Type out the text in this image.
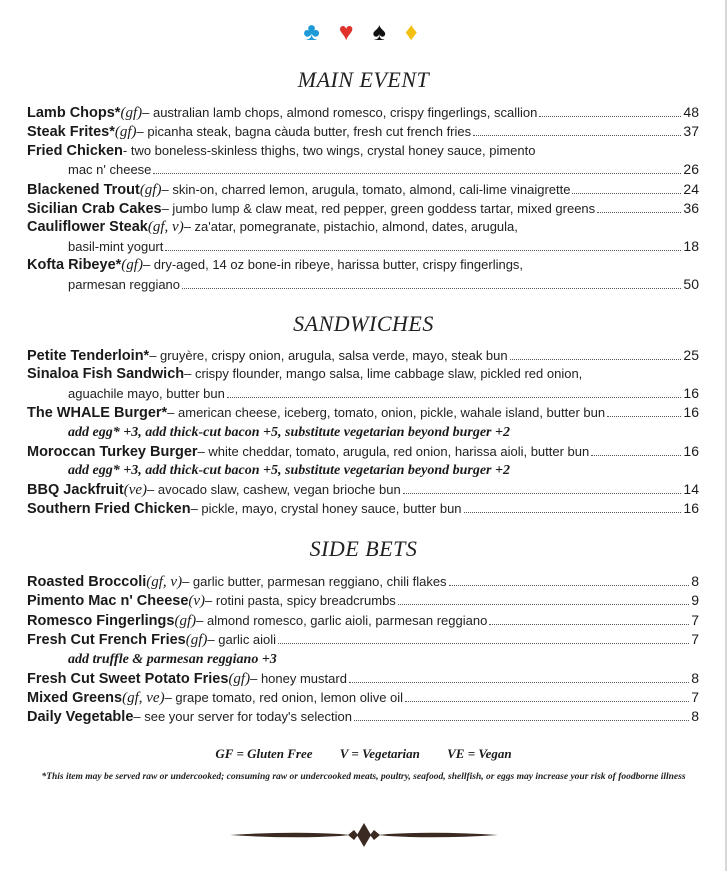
♣ ♥ ♠ ♦
MAIN EVENT
Lamb Chops* (gf) – australian lamb chops, almond romesco, crispy fingerlings, scallion	48
Steak Frites* (gf) – picanha steak, bagna càuda butter, fresh cut french fries	37
Fried Chicken - two boneless-skinless thighs, two wings, crystal honey sauce, pimento
mac n' cheese	26
Blackened Trout (gf) – skin-on, charred lemon, arugula, tomato, almond, cali-lime vinaigrette	24
Sicilian Crab Cakes – jumbo lump & claw meat, red pepper, green goddess tartar, mixed greens	36
Cauliflower Steak (gf, v) – za'atar, pomegranate, pistachio, almond, dates, arugula,
basil-mint yogurt	18
Kofta Ribeye* (gf) – dry-aged, 14 oz bone-in ribeye, harissa butter, crispy fingerlings,
parmesan reggiano	50
SANDWICHES
Petite Tenderloin* – gruyère, crispy onion, arugula, salsa verde, mayo, steak bun	25
Sinaloa Fish Sandwich – crispy flounder, mango salsa, lime cabbage slaw, pickled red onion,
aguachile mayo, butter bun	16
The WHALE Burger* – american cheese, iceberg, tomato, onion, pickle, wahale island, butter bun	16
add egg* +3, add thick-cut bacon +5, substitute vegetarian beyond burger +2
Moroccan Turkey Burger – white cheddar, tomato, arugula, red onion, harissa aioli, butter bun	16
add egg* +3, add thick-cut bacon +5, substitute vegetarian beyond burger +2
BBQ Jackfruit (ve) – avocado slaw, cashew, vegan brioche bun	14
Southern Fried Chicken – pickle, mayo, crystal honey sauce, butter bun	16
SIDE BETS
Roasted Broccoli (gf, v) – garlic butter, parmesan reggiano, chili flakes	8
Pimento Mac n' Cheese (v) – rotini pasta, spicy breadcrumbs	9
Romesco Fingerlings (gf) – almond romesco, garlic aioli, parmesan reggiano	7
Fresh Cut French Fries (gf) – garlic aioli	7
add truffle & parmesan reggiano +3
Fresh Cut Sweet Potato Fries (gf) – honey mustard	8
Mixed Greens (gf, ve) – grape tomato, red onion, lemon olive oil	7
Daily Vegetable – see your server for today's selection	8
GF = Gluten Free V = Vegetarian VE = Vegan
*This item may be served raw or undercooked; consuming raw or undercooked meats, poultry, seafood, shellfish, or eggs may increase your risk of foodborne illness
